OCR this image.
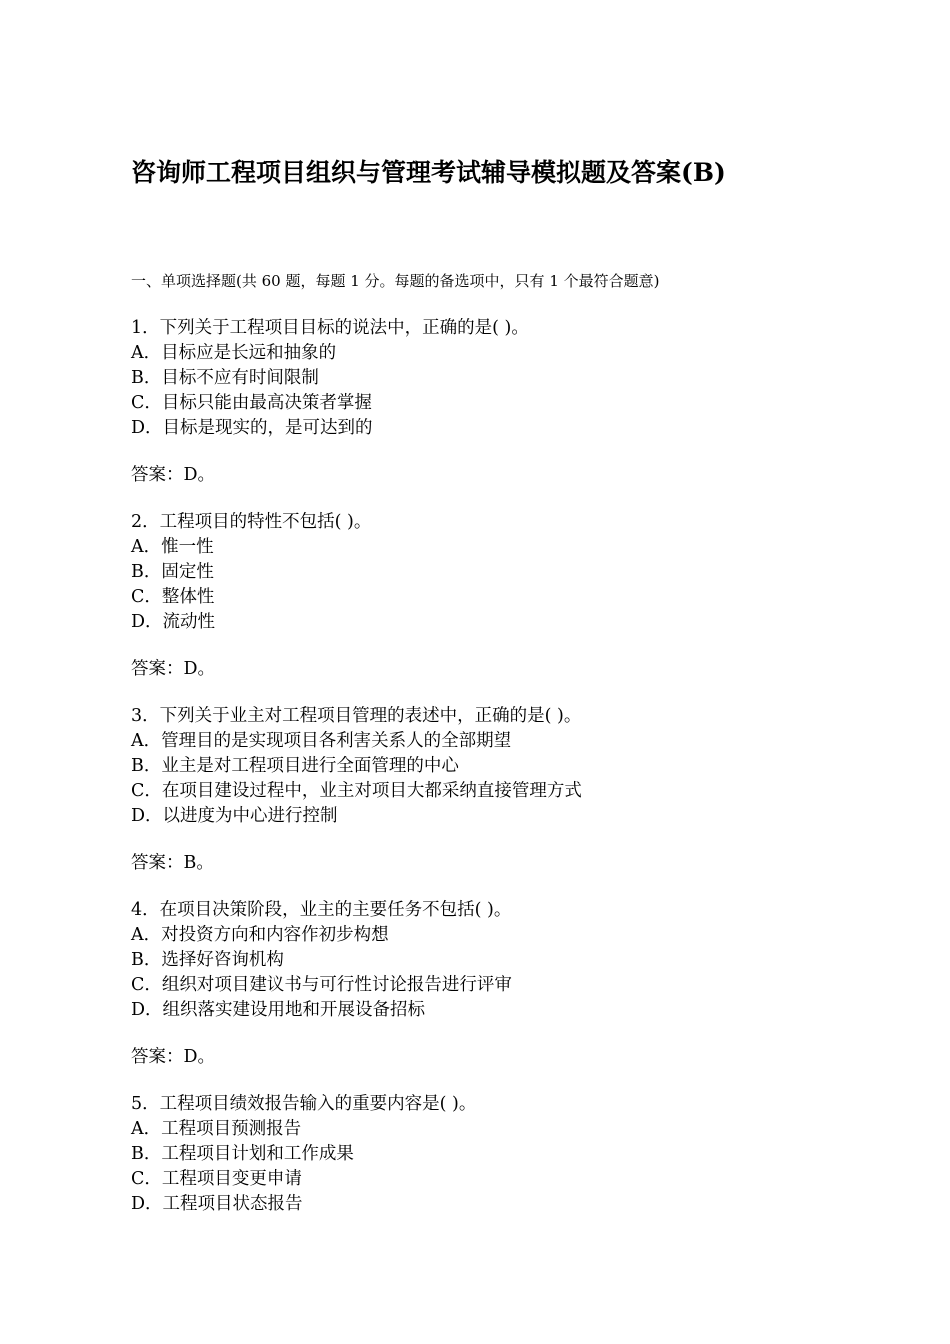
咨询师工程项目组织与管理考试辅导模拟题及答案(B)

一、单项选择题(共 60 题，每题 1 分。每题的备选项中，只有 1 个最符合题意)

1．下列关于工程项目目标的说法中，正确的是( )。
A．目标应是长远和抽象的
B．目标不应有时间限制
C．目标只能由最高决策者掌握
D．目标是现实的，是可达到的
答案：D。
2．工程项目的特性不包括( )。
A．惟一性
B．固定性
C．整体性
D．流动性
答案：D。
3．下列关于业主对工程项目管理的表述中，正确的是( )。
A．管理目的是实现项目各利害关系人的全部期望
B．业主是对工程项目进行全面管理的中心
C．在项目建设过程中，业主对项目大都采纳直接管理方式
D．以进度为中心进行控制
答案：B。
4．在项目决策阶段，业主的主要任务不包括( )。
A．对投资方向和内容作初步构想
B．选择好咨询机构
C．组织对项目建议书与可行性讨论报告进行评审
D．组织落实建设用地和开展设备招标
答案：D。
5．工程项目绩效报告输入的重要内容是( )。
A．工程项目预测报告
B．工程项目计划和工作成果
C．工程项目变更申请
D．工程项目状态报告
